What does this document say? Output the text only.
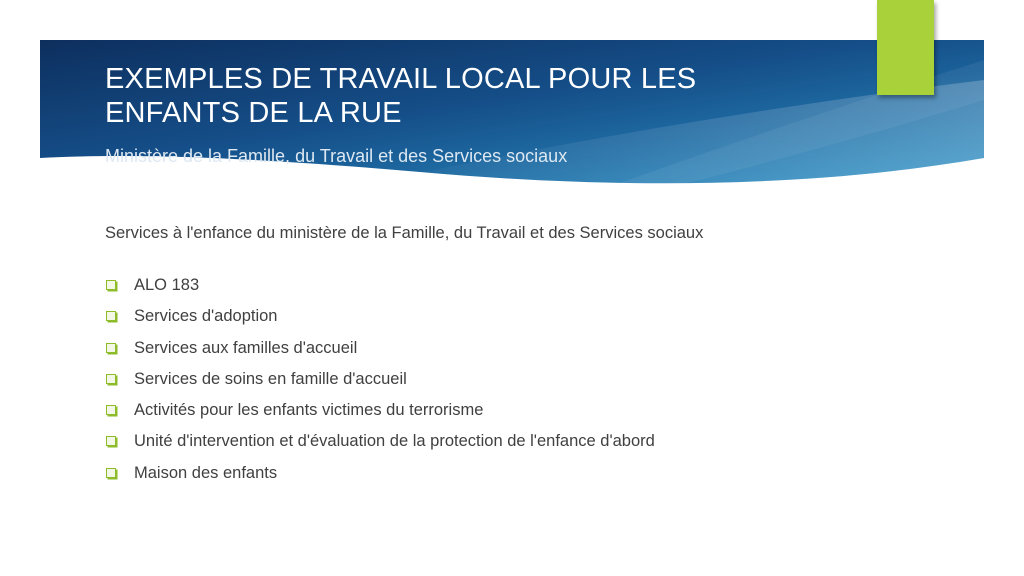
EXEMPLES DE TRAVAIL LOCAL POUR LES
ENFANTS DE LA RUE
Ministère de la Famille, du Travail et des Services sociaux
Services à l'enfance du ministère de la Famille, du Travail et des Services sociaux
ALO 183
Services d'adoption
Services aux familles d'accueil
Services de soins en famille d'accueil
Activités pour les enfants victimes du terrorisme
Unité d'intervention et d'évaluation de la protection de l'enfance d'abord
Maison des enfants
